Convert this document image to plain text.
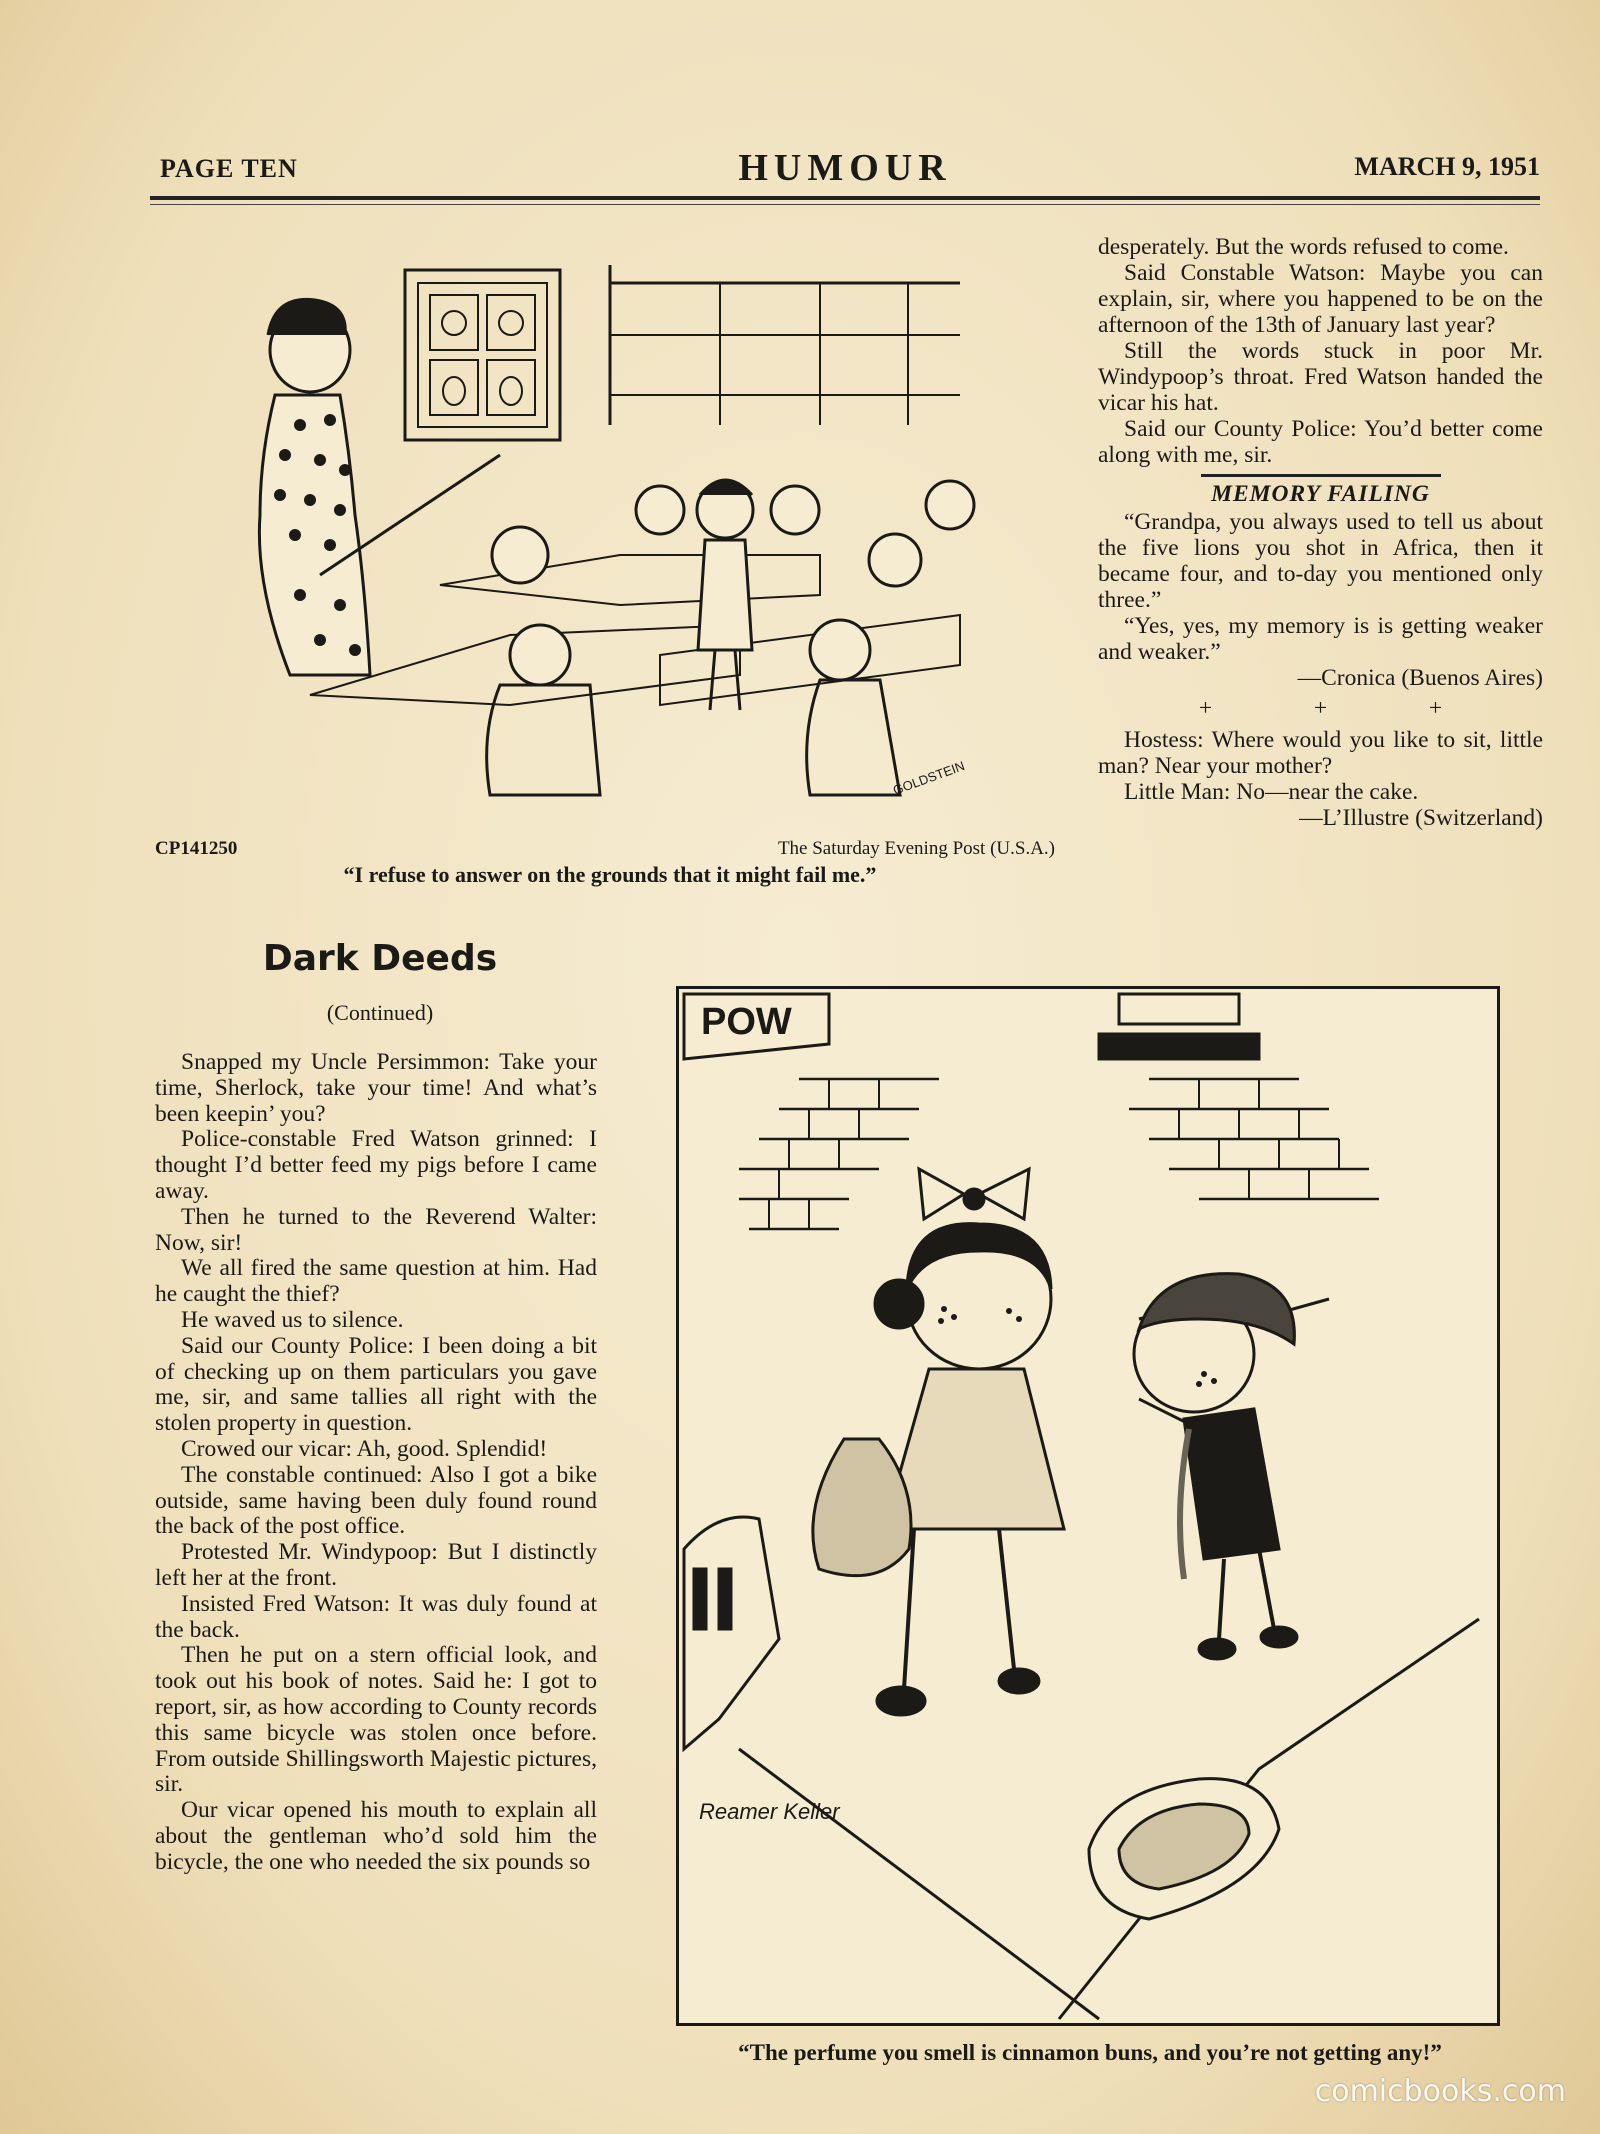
PAGE TEN	HUMOUR	MARCH 9, 1951
GOLDSTEIN
CP141250	The Saturday Evening Post (U.S.A.)
“I refuse to answer on the grounds that it might fail me.”

desperately. But the words refused to come.

Said Constable Watson: Maybe you can explain, sir, where you happened to be on the afternoon of the 13th of January last year?

Still the words stuck in poor Mr. Windypoop’s throat. Fred Watson handed the vicar his hat.

Said our County Police: You’d better come along with me, sir.

MEMORY FAILING

“Grandpa, you always used to tell us about the five lions you shot in Africa, then it became four, and to-day you mentioned only three.”

“Yes, yes, my memory is is getting weaker and weaker.”

—Cronica (Buenos Aires)

+	+	+

Hostess: Where would you like to sit, little man? Near your mother?

Little Man: No—near the cake.

—L’Illustre (Switzerland)

Dark Deeds
(Continued)

Snapped my Uncle Persimmon: Take your time, Sherlock, take your time! And what’s been keepin’ you?

Police-constable Fred Watson grinned: I thought I’d better feed my pigs before I came away.

Then he turned to the Reverend Walter: Now, sir!

We all fired the same question at him. Had he caught the thief?

He waved us to silence.

Said our County Police: I been doing a bit of checking up on them particulars you gave me, sir, and same tallies all right with the stolen property in question.

Crowed our vicar: Ah, good. Splendid!

The constable continued: Also I got a bike outside, same having been duly found round the back of the post office.

Protested Mr. Windypoop: But I distinctly left her at the front.

Insisted Fred Watson: It was duly found at the back.

Then he put on a stern official look, and took out his book of notes. Said he: I got to report, sir, as how according to County records this same bicycle was stolen once before. From outside Shillingsworth Majestic pictures, sir.

Our vicar opened his mouth to explain all about the gentleman who’d sold him the bicycle, the one who needed the six pounds so

POW
Reamer Keller
“The perfume you smell is cinnamon buns, and you’re not getting any!”
comicbooks.com
